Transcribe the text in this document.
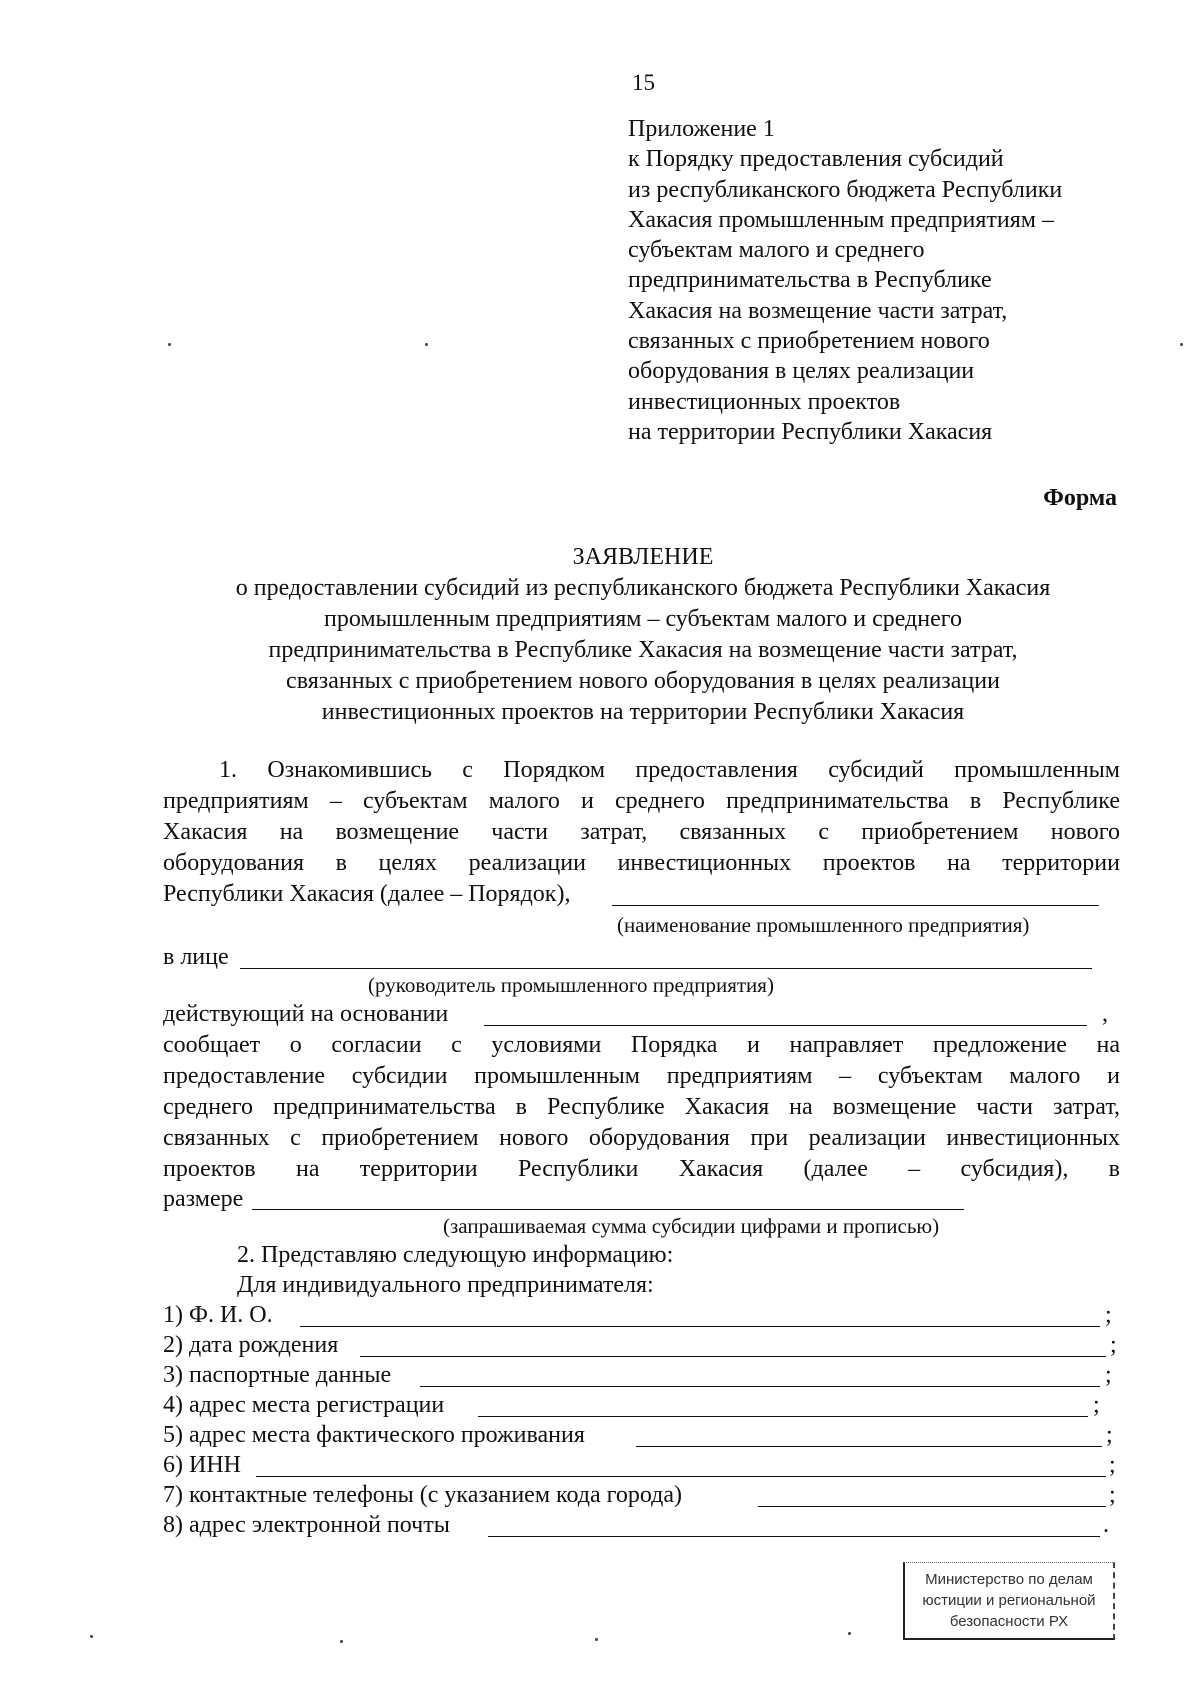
15
Приложение 1
к Порядку предоставления субсидий
из республиканского бюджета Республики
Хакасия промышленным предприятиям –
субъектам малого и среднего
предпринимательства в Республике
Хакасия на возмещение части затрат,
связанных с приобретением нового
оборудования в целях реализации
инвестиционных проектов
на территории Республики Хакасия
Форма
ЗАЯВЛЕНИЕ
о предоставлении субсидий из республиканского бюджета Республики Хакасия
промышленным предприятиям – субъектам малого и среднего
предпринимательства в Республике Хакасия на возмещение части затрат,
связанных с приобретением нового оборудования в целях реализации
инвестиционных проектов на территории Республики Хакасия
1. Ознакомившись с Порядком предоставления субсидий промышленным
предприятиям – субъектам малого и среднего предпринимательства в Республике
Хакасия на возмещение части затрат, связанных с приобретением нового
оборудования в целях реализации инвестиционных проектов на территории
Республики Хакасия (далее – Порядок),
(наименование промышленного предприятия)
в лице
(руководитель промышленного предприятия)
действующий на основании	,
сообщает о согласии с условиями Порядка и направляет предложение на
предоставление субсидии промышленным предприятиям – субъектам малого и
среднего предпринимательства в Республике Хакасия на возмещение части затрат,
связанных с приобретением нового оборудования при реализации инвестиционных
проектов на территории Республики Хакасия (далее – субсидия), в
размере
(запрашиваемая сумма субсидии цифрами и прописью)
2. Представляю следующую информацию:
Для индивидуального предпринимателя:
1) Ф. И. О.	;
2) дата рождения	;
3) паспортные данные	;
4) адрес места регистрации	;
5) адрес места фактического проживания	;
6) ИНН	;
7) контактные телефоны (с указанием кода города)	;
8) адрес электронной почты	.
Министерство по делам
юстиции и региональной
безопасности РХ
